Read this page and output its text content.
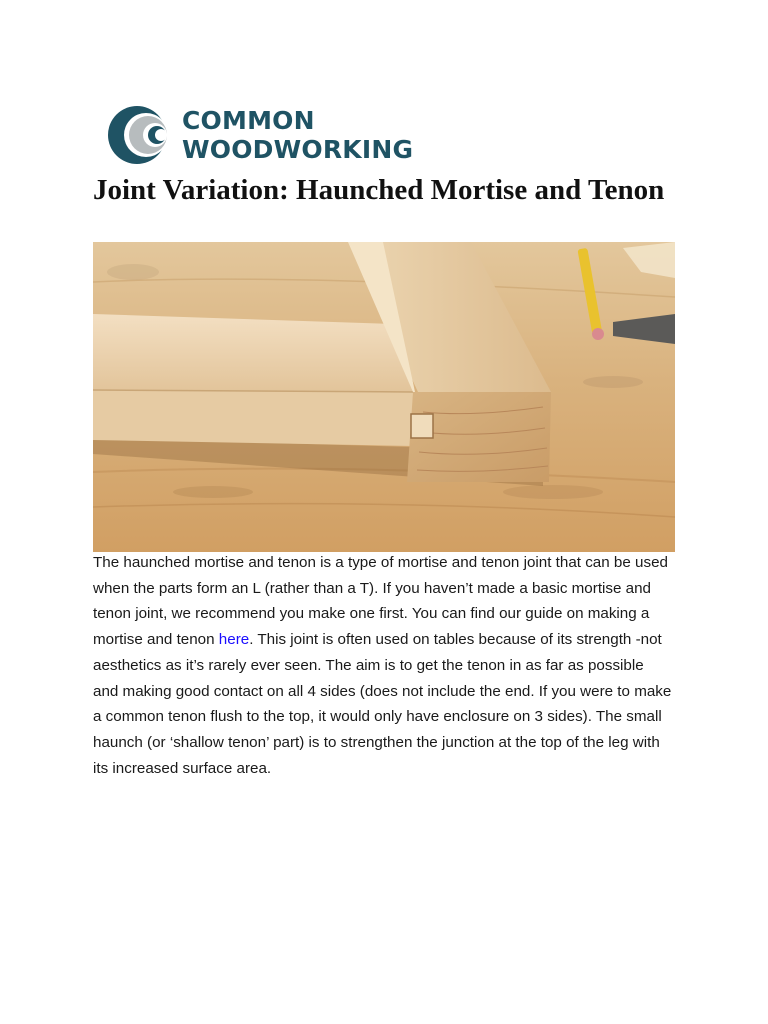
COMMON
WOODWORKING
Joint Variation: Haunched Mortise and Tenon

The haunched mortise and tenon is a type of mortise and tenon joint that can be used when the parts form an L (rather than a T). If you haven’t made a basic mortise and tenon joint, we recommend you make one first. You can find our guide on making a mortise and tenon here. This joint is often used on tables because of its strength -not aesthetics as it’s rarely ever seen. The aim is to get the tenon in as far as possible and making good contact on all 4 sides (does not include the end. If you were to make a common tenon flush to the top, it would only have enclosure on 3 sides). The small haunch (or ‘shallow tenon’ part) is to strengthen the junction at the top of the leg with its increased surface area.
